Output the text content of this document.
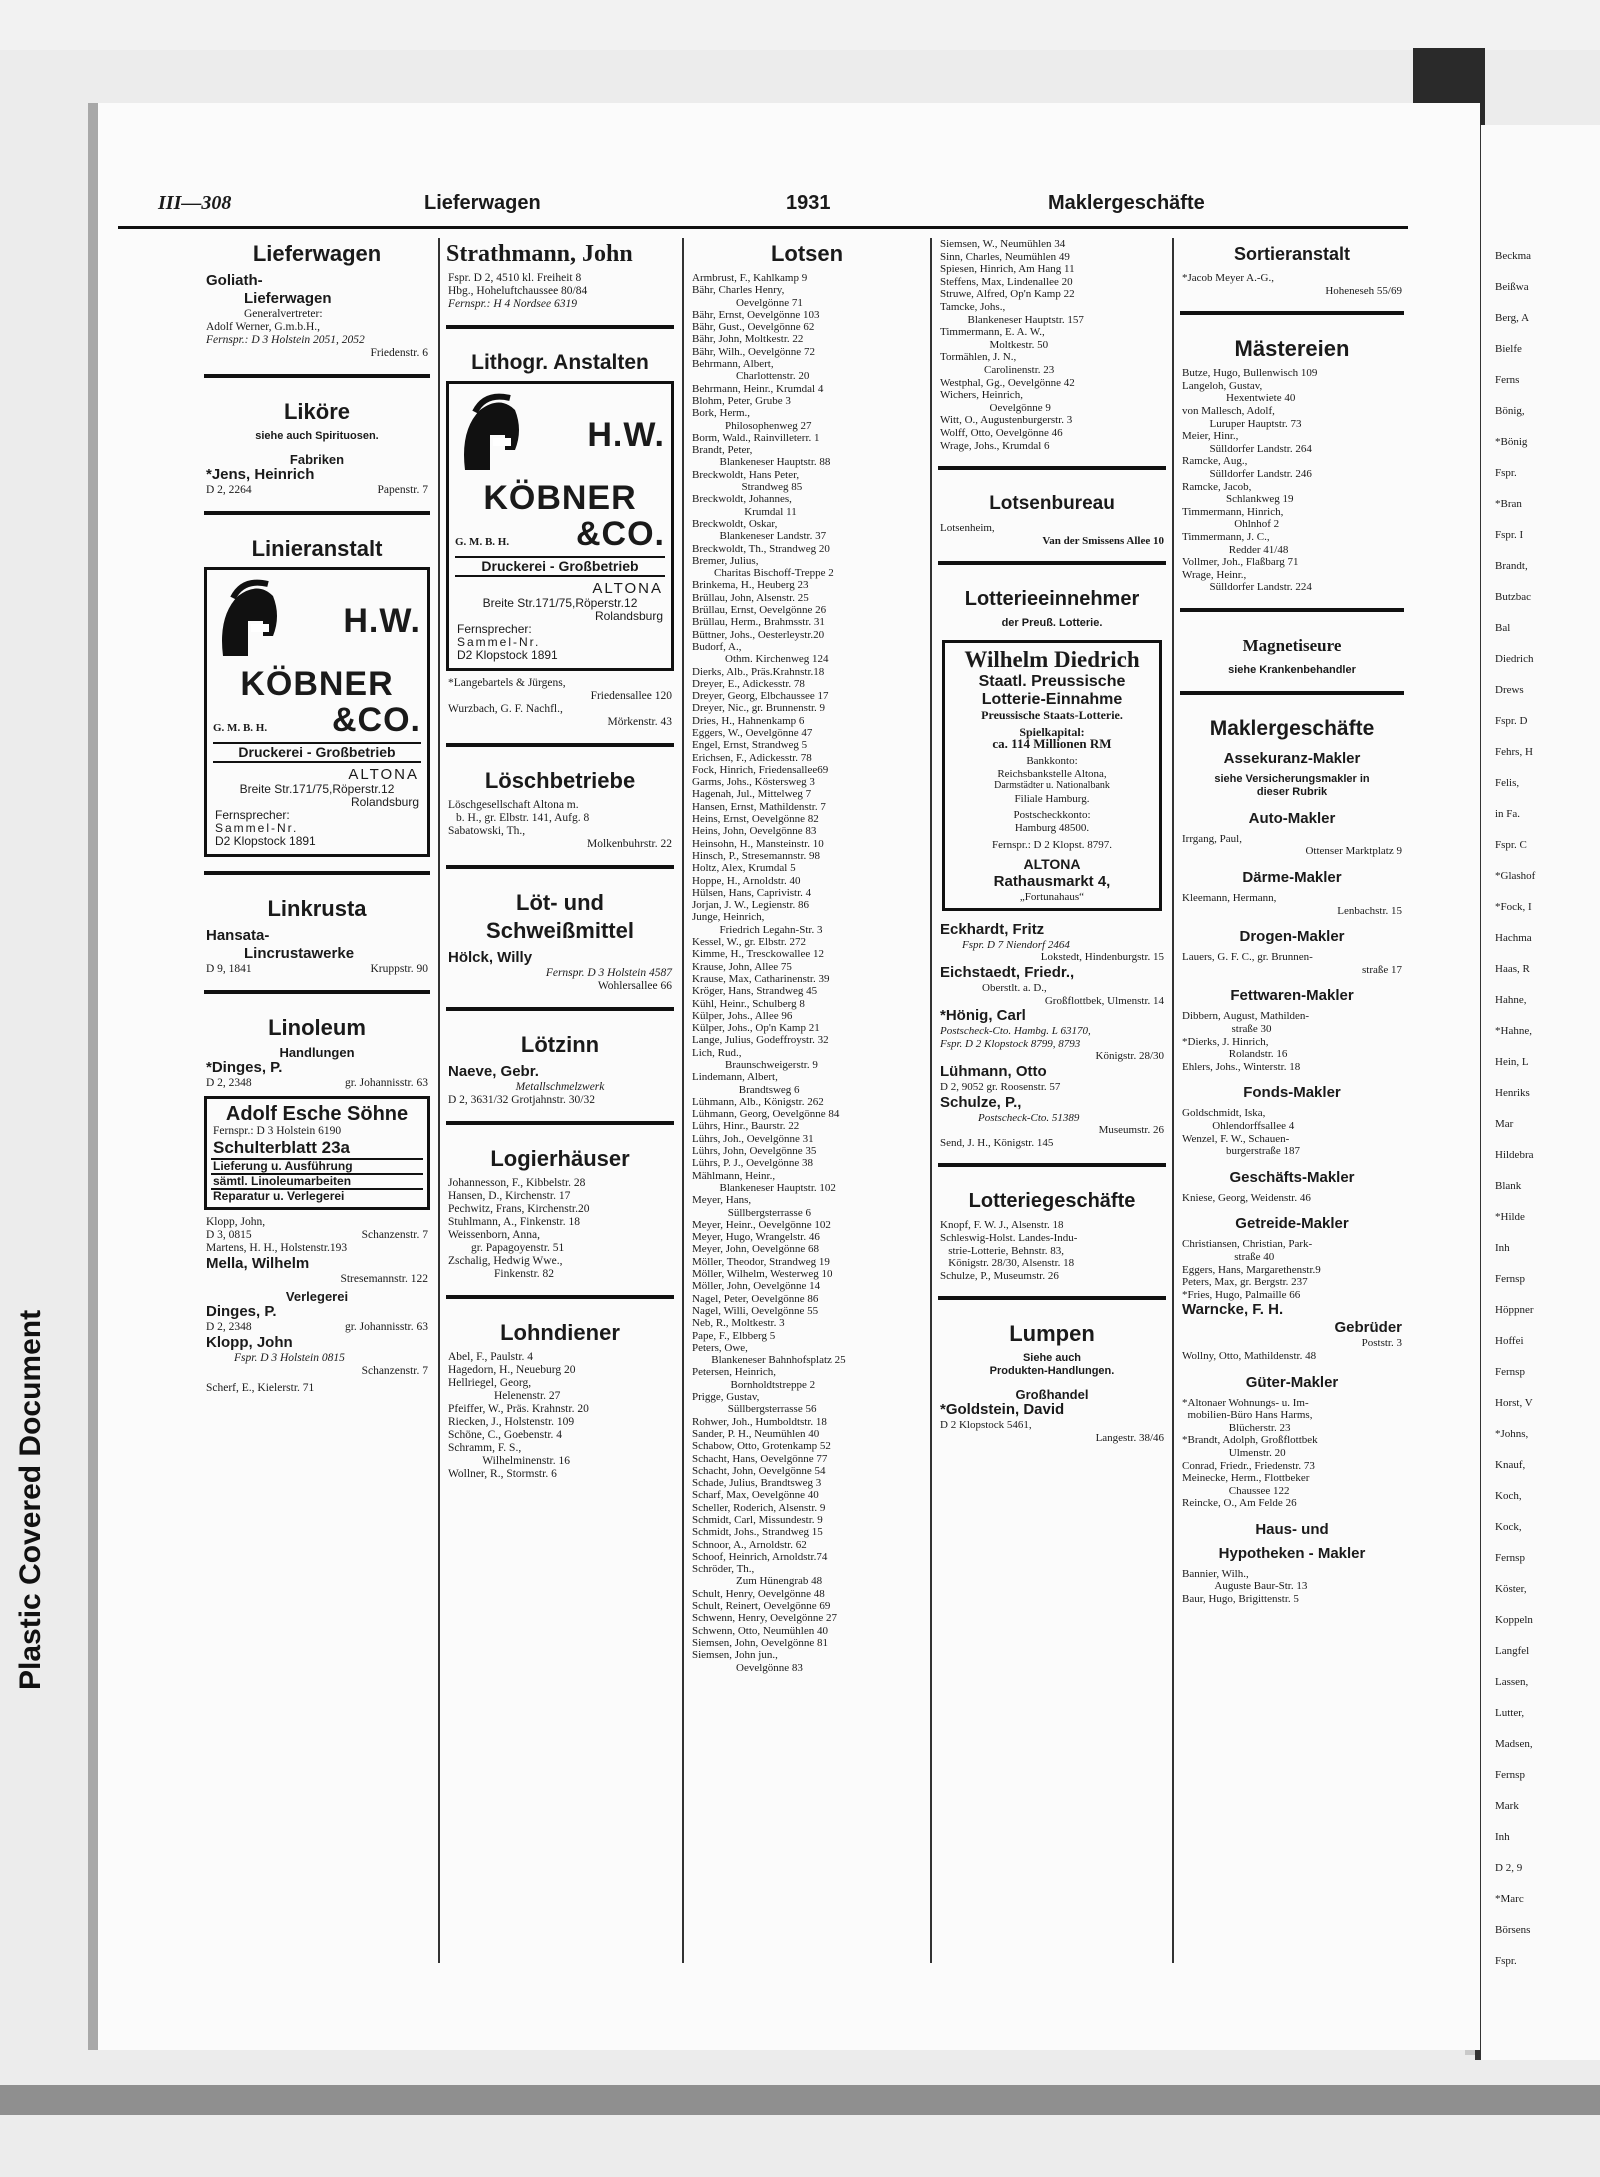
Plastic Covered Document
Beckma
Beißwa
Berg, A
Bielfe
Ferns
Bönig,
*Bönig
Fspr.
*Bran
Fspr. I
Brandt,
Butzbac
Bal
Diedrich
Drews
Fspr. D
Fehrs, H
Felis,
in Fa.
Fspr. C
*Glashof
*Fock, I
Hachma
Haas, R
Hahne,
*Hahne,
Hein, L
Henriks
Mar
Hildebra
Blank
*Hilde
Inh
Fernsp
Höppner
Hoffei
Fernsp
Horst, V
*Johns,
Knauf,
Koch,
Kock,
Fernsp
Köster,
Koppeln
Langfel
Lassen,
Lutter,
Madsen,
Fernsp
Mark
Inh
D 2, 9
*Marc
Börsens
Fspr.
III—308	Lieferwagen	1931	Maklergeschäfte
Lieferwagen
Goliath-
Lieferwagen
Generalvertreter:
Adolf Werner, G.m.b.H.,
Fernspr.: D 3 Holstein 2051, 2052
Friedenstr. 6
Liköre
siehe auch Spirituosen.
Fabriken
*Jens, Heinrich
D 2, 2264	Papenstr. 7
Linieranstalt
H.W.
KÖBNER
G. M. B. H. &CO.
Druckerei - Großbetrieb
ALTONA
Breite Str.171/75,Röperstr.12
Rolandsburg
Fernsprecher:
Sammel-Nr.
D2 Klopstock 1891
Linkrusta
Hansata-
Lincrustawerke
D 9, 1841	Kruppstr. 90
Linoleum
Handlungen
*Dinges, P.
D 2, 2348	gr. Johannisstr. 63
Adolf Esche Söhne
Fernspr.: D 3 Holstein 6190
Schulterblatt 23a
Lieferung u. Ausführung
sämtl. Linoleumarbeiten
Reparatur u. Verlegerei
Klopp, John,
D 3, 0815	Schanzenstr. 7
Martens, H. H., Holstenstr.193
Mella, Wilhelm
Stresemannstr. 122
Verlegerei
Dinges, P.
D 2, 2348	gr. Johannisstr. 63
Klopp, John
Fspr. D 3 Holstein 0815
Schanzenstr. 7
Scherf, E., Kielerstr. 71
Strathmann, John
Fspr. D 2, 4510 kl. Freiheit 8
Hbg., Hoheluftchaussee 80/84
Fernspr.: H 4 Nordsee 6319
Lithogr. Anstalten
H.W.
KÖBNER
G. M. B. H. &CO.
Druckerei - Großbetrieb
ALTONA
Breite Str.171/75,Röperstr.12
Rolandsburg
Fernsprecher:
Sammel-Nr.
D2 Klopstock 1891
*Langebartels & Jürgens,
Friedensallee 120
Wurzbach, G. F. Nachfl.,
Mörkenstr. 43
Löschbetriebe
Löschgesellschaft Altona m.
b. H., gr. Elbstr. 141, Aufg. 8
Sabatowski, Th.,
Molkenbuhrstr. 22
Löt- und
Schweißmittel
Hölck, Willy
Fernspr. D 3 Holstein 4587
Wohlersallee 66
Lötzinn
Naeve, Gebr.
Metallschmelzwerk
D 2, 3631/32 Grotjahnstr. 30/32
Logierhäuser
Johannesson, F., Kibbelstr. 28
Hansen, D., Kirchenstr. 17
Pechwitz, Frans, Kirchenstr.20
Stuhlmann, A., Finkenstr. 18
Weissenborn, Anna,
gr. Papagoyenstr. 51
Zschalig, Hedwig Wwe.,
Finkenstr. 82
Lohndiener
Abel, F., Paulstr. 4
Hagedorn, H., Neueburg 20
Hellriegel, Georg,
Helenenstr. 27
Pfeiffer, W., Präs. Krahnstr. 20
Riecken, J., Holstenstr. 109
Schöne, C., Goebenstr. 4
Schramm, F. S.,
Wilhelminenstr. 16
Wollner, R., Stormstr. 6
Lotsen
Armbrust, F., Kahlkamp 9
Bähr, Charles Henry,
Oevelgönne 71
Bähr, Ernst, Oevelgönne 103
Bähr, Gust., Oevelgönne 62
Bähr, John, Moltkestr. 22
Bähr, Wilh., Oevelgönne 72
Behrmann, Albert,
Charlottenstr. 20
Behrmann, Heinr., Krumdal 4
Blohm, Peter, Grube 3
Bork, Herm.,
Philosophenweg 27
Borm, Wald., Rainvilleterr. 1
Brandt, Peter,
Blankeneser Hauptstr. 88
Breckwoldt, Hans Peter,
Strandweg 85
Breckwoldt, Johannes,
Krumdal 11
Breckwoldt, Oskar,
Blankeneser Landstr. 37
Breckwoldt, Th., Strandweg 20
Bremer, Julius,
Charitas Bischoff-Treppe 2
Brinkema, H., Heuberg 23
Brüllau, John, Alsenstr. 25
Brüllau, Ernst, Oevelgönne 26
Brüllau, Herm., Brahmsstr. 31
Büttner, Johs., Oesterleystr.20
Budorf, A.,
Othm. Kirchenweg 124
Dierks, Alb., Präs.Krahnstr.18
Dreyer, E., Adickesstr. 78
Dreyer, Georg, Elbchaussee 17
Dreyer, Nic., gr. Brunnenstr. 9
Dries, H., Hahnenkamp 6
Eggers, W., Oevelgönne 47
Engel, Ernst, Strandweg 5
Erichsen, F., Adickesstr. 78
Fock, Hinrich, Friedensallee69
Garms, Johs., Köstersweg 3
Hagenah, Jul., Mittelweg 7
Hansen, Ernst, Mathildenstr. 7
Heins, Ernst, Oevelgönne 82
Heins, John, Oevelgönne 83
Heinsohn, H., Mansteinstr. 10
Hinsch, P., Stresemannstr. 98
Holtz, Alex, Krumdal 5
Hoppe, H., Arnoldstr. 40
Hülsen, Hans, Caprivistr. 4
Jorjan, J. W., Legienstr. 86
Junge, Heinrich,
Friedrich Legahn-Str. 3
Kessel, W., gr. Elbstr. 272
Kimme, H., Tresckowallee 12
Krause, John, Allee 75
Krause, Max, Catharinenstr. 39
Kröger, Hans, Strandweg 45
Kühl, Heinr., Schulberg 8
Külper, Johs., Allee 96
Külper, Johs., Op'n Kamp 21
Lange, Julius, Godeffroystr. 32
Lich, Rud.,
Braunschweigerstr. 9
Lindemann, Albert,
Brandtsweg 6
Lühmann, Alb., Königstr. 262
Lühmann, Georg, Oevelgönne 84
Lührs, Hinr., Baurstr. 22
Lührs, Joh., Oevelgönne 31
Lührs, John, Oevelgönne 35
Lührs, P. J., Oevelgönne 38
Mählmann, Heinr.,
Blankeneser Hauptstr. 102
Meyer, Hans,
Süllbergsterrasse 6
Meyer, Heinr., Oevelgönne 102
Meyer, Hugo, Wrangelstr. 46
Meyer, John, Oevelgönne 68
Möller, Theodor, Strandweg 19
Möller, Wilhelm, Westerweg 10
Möller, John, Oevelgönne 14
Nagel, Peter, Oevelgönne 86
Nagel, Willi, Oevelgönne 55
Neb, R., Moltkestr. 3
Pape, F., Elbberg 5
Peters, Owe,
Blankeneser Bahnhofsplatz 25
Petersen, Heinrich,
Bornholdtstreppe 2
Prigge, Gustav,
Süllbergsterrasse 56
Rohwer, Joh., Humboldtstr. 18
Sander, P. H., Neumühlen 40
Schabow, Otto, Grotenkamp 52
Schacht, Hans, Oevelgönne 77
Schacht, John, Oevelgönne 54
Schade, Julius, Brandtsweg 3
Scharf, Max, Oevelgönne 40
Scheller, Roderich, Alsenstr. 9
Schmidt, Carl, Missundestr. 9
Schmidt, Johs., Strandweg 15
Schnoor, A., Arnoldstr. 62
Schoof, Heinrich, Arnoldstr.74
Schröder, Th.,
Zum Hünengrab 48
Schult, Henry, Oevelgönne 48
Schult, Reinert, Oevelgönne 69
Schwenn, Henry, Oevelgönne 27
Schwenn, Otto, Neumühlen 40
Siemsen, John, Oevelgönne 81
Siemsen, John jun.,
Oevelgönne 83
Siemsen, W., Neumühlen 34
Sinn, Charles, Neumühlen 49
Spiesen, Hinrich, Am Hang 11
Steffens, Max, Lindenallee 20
Struwe, Alfred, Op'n Kamp 22
Tamcke, Johs.,
Blankeneser Hauptstr. 157
Timmermann, E. A. W.,
Moltkestr. 50
Tormählen, J. N.,
Carolinenstr. 23
Westphal, Gg., Oevelgönne 42
Wichers, Heinrich,
Oevelgönne 9
Witt, O., Augustenburgerstr. 3
Wolff, Otto, Oevelgönne 46
Wrage, Johs., Krumdal 6
Lotsenbureau
Lotsenheim,
Van der Smissens Allee 10
Lotterieeinnehmer
der Preuß. Lotterie.
Wilhelm Diedrich
Staatl. Preussische
Lotterie-Einnahme
Preussische Staats-Lotterie.
Spielkapital:
ca. 114 Millionen RM
Bankkonto:
Reichsbankstelle Altona,
Darmstädter u. Nationalbank
Filiale Hamburg.
Postscheckkonto:
Hamburg 48500.
Fernspr.: D 2 Klopst. 8797.
ALTONA
Rathausmarkt 4,
„Fortunahaus“
Eckhardt, Fritz
Fspr. D 7 Niendorf 2464
Lokstedt, Hindenburgstr. 15
Eichstaedt, Friedr.,
Oberstlt. a. D.,
Großflottbek, Ulmenstr. 14
*Hönig, Carl
Postscheck-Cto. Hambg. L 63170,
Fspr. D 2 Klopstock 8799, 8793
Königstr. 28/30
Lühmann, Otto
D 2, 9052 gr. Roosenstr. 57
Schulze, P.,
Postscheck-Cto. 51389
Museumstr. 26
Send, J. H., Königstr. 145
Lotteriegeschäfte
Knopf, F. W. J., Alsenstr. 18
Schleswig-Holst. Landes-Indu-
strie-Lotterie, Behnstr. 83,
Königstr. 28/30, Alsenstr. 18
Schulze, P., Museumstr. 26
Lumpen
Siehe auch
Produkten-Handlungen.
Großhandel
*Goldstein, David
D 2 Klopstock 5461,
Langestr. 38/46
Sortieranstalt
*Jacob Meyer A.-G.,
Hoheneseh 55/69
Mästereien
Butze, Hugo, Bullenwisch 109
Langeloh, Gustav,
Hexentwiete 40
von Mallesch, Adolf,
Luruper Hauptstr. 73
Meier, Hinr.,
Sülldorfer Landstr. 264
Ramcke, Aug.,
Sülldorfer Landstr. 246
Ramcke, Jacob,
Schlankweg 19
Timmermann, Hinrich,
Ohlnhof 2
Timmermann, J. C.,
Redder 41/48
Vollmer, Joh., Flaßbarg 71
Wrage, Heinr.,
Sülldorfer Landstr. 224
Magnetiseure
siehe Krankenbehandler
Maklergeschäfte
Assekuranz-Makler
siehe Versicherungsmakler in
dieser Rubrik
Auto-Makler
Irrgang, Paul,
Ottenser Marktplatz 9
Därme-Makler
Kleemann, Hermann,
Lenbachstr. 15
Drogen-Makler
Lauers, G. F. C., gr. Brunnen-
straße 17
Fettwaren-Makler
Dibbern, August, Mathilden-
straße 30
*Dierks, J. Hinrich,
Rolandstr. 16
Ehlers, Johs., Winterstr. 18
Fonds-Makler
Goldschmidt, Iska,
Ohlendorffsallee 4
Wenzel, F. W., Schauen-
burgerstraße 187
Geschäfts-Makler
Kniese, Georg, Weidenstr. 46
Getreide-Makler
Christiansen, Christian, Park-
straße 40
Eggers, Hans, Margarethenstr.9
Peters, Max, gr. Bergstr. 237
*Fries, Hugo, Palmaille 66
Warncke, F. H.
Gebrüder
Poststr. 3
Wollny, Otto, Mathildenstr. 48
Güter-Makler
*Altonaer Wohnungs- u. Im-
mobilien-Büro Hans Harms,
Blücherstr. 23
*Brandt, Adolph, Großflottbek
Ulmenstr. 20
Conrad, Friedr., Friedenstr. 73
Meinecke, Herm., Flottbeker
Chaussee 122
Reincke, O., Am Felde 26
Haus- und
Hypotheken - Makler
Bannier, Wilh.,
Auguste Baur-Str. 13
Baur, Hugo, Brigittenstr. 5
